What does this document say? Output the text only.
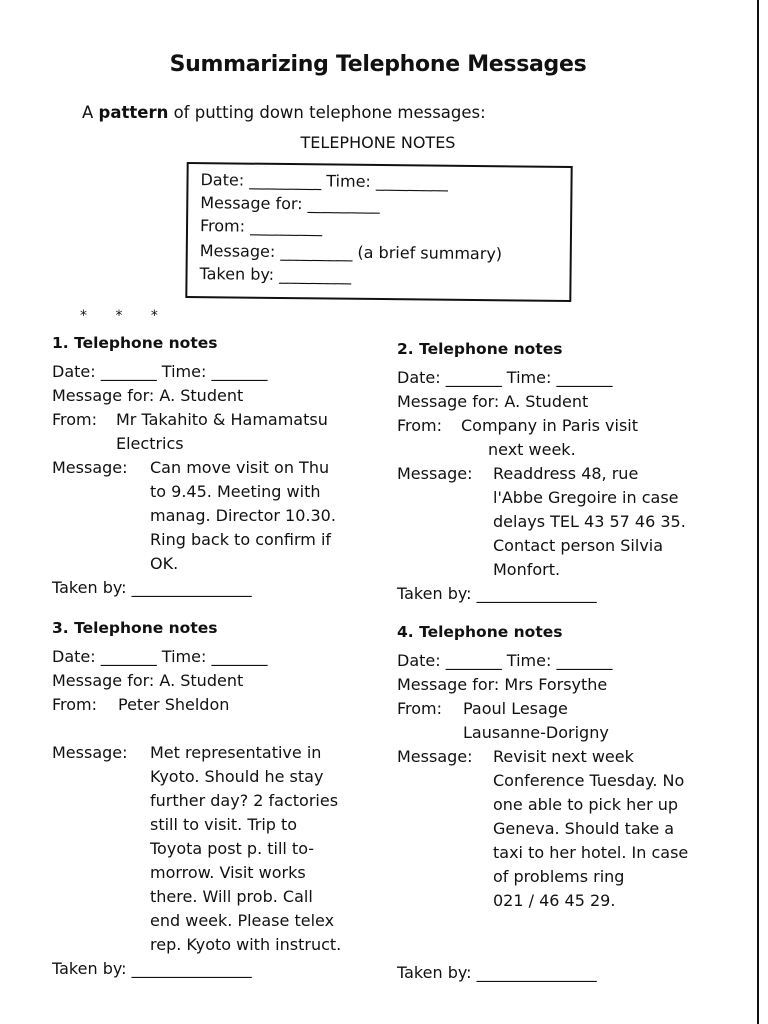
Summarizing Telephone Messages
A pattern of putting down telephone messages:
TELEPHONE NOTES
Date: _________ Time: _________
Message for: _________
From: _________
Message: _________ (a brief summary)
Taken by: _________
* * *
1. Telephone notes
Date: _______ Time: _______
Message for: A. Student
From: Mr Takahito & Hamamatsu
Electrics
Message: Can move visit on Thu
to 9.45. Meeting with
manag. Director 10.30.
Ring back to confirm if
OK.
Taken by: _______________
2. Telephone notes
Date: _______ Time: _______
Message for: A. Student
From: Company in Paris visit
next week.
Message: Readdress 48, rue
l'Abbe Gregoire in case
delays TEL 43 57 46 35.
Contact person Silvia
Monfort.
Taken by: _______________
3. Telephone notes
Date: _______ Time: _______
Message for: A. Student
From: Peter Sheldon
Message: Met representative in
Kyoto. Should he stay
further day? 2 factories
still to visit. Trip to
Toyota post p. till to-
morrow. Visit works
there. Will prob. Call
end week. Please telex
rep. Kyoto with instruct.
Taken by: _______________
4. Telephone notes
Date: _______ Time: _______
Message for: Mrs Forsythe
From: Paoul Lesage
Lausanne-Dorigny
Message: Revisit next week
Conference Tuesday. No
one able to pick her up
Geneva. Should take a
taxi to her hotel. In case
of problems ring
021 / 46 45 29.
Taken by: _______________
